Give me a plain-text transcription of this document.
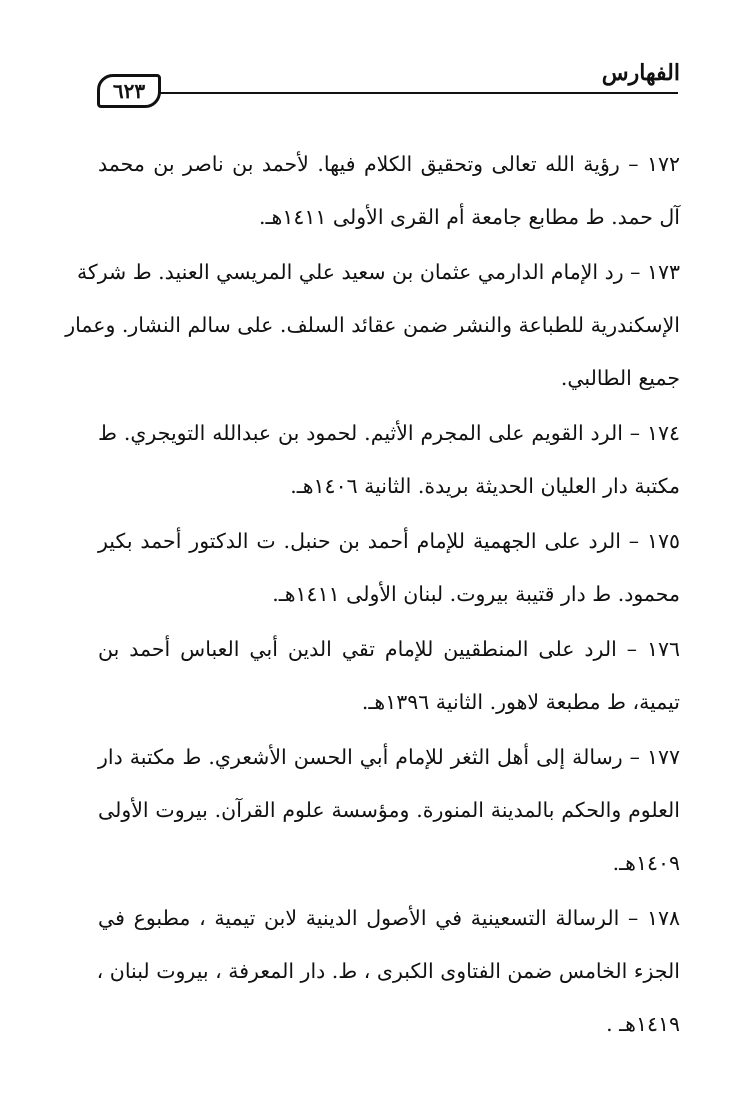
الفهارس
٦٢٣
١٧٢ – رؤية الله تعالى وتحقيق الكلام فيها. لأحمد بن ناصر بن محمد
آل حمد. ط مطابع جامعة أم القرى الأولى ١٤١١هـ.
١٧٣ – رد الإمام الدارمي عثمان بن سعيد علي المريسي العنيد. ط شركة
الإسكندرية للطباعة والنشر ضمن عقائد السلف. على سالم النشار. وعمار
جميع الطالبي.
١٧٤ – الرد القويم على المجرم الأثيم. لحمود بن عبدالله التويجري. ط
مكتبة دار العليان الحديثة بريدة. الثانية ١٤٠٦هـ.
١٧٥ – الرد على الجهمية للإمام أحمد بن حنبل. ت الدكتور أحمد بكير
محمود. ط دار قتيبة بيروت. لبنان الأولى ١٤١١هـ.
١٧٦ – الرد على المنطقيين للإمام تقي الدين أبي العباس أحمد بن
تيمية، ط مطبعة لاهور. الثانية ١٣٩٦هـ.
١٧٧ – رسالة إلى أهل الثغر للإمام أبي الحسن الأشعري. ط مكتبة دار
العلوم والحكم بالمدينة المنورة. ومؤسسة علوم القرآن. بيروت الأولى
١٤٠٩هـ.
١٧٨ – الرسالة التسعينية في الأصول الدينية لابن تيمية ، مطبوع في
الجزء الخامس ضمن الفتاوى الكبرى ، ط. دار المعرفة ، بيروت لبنان ،
١٤١٩هـ .
